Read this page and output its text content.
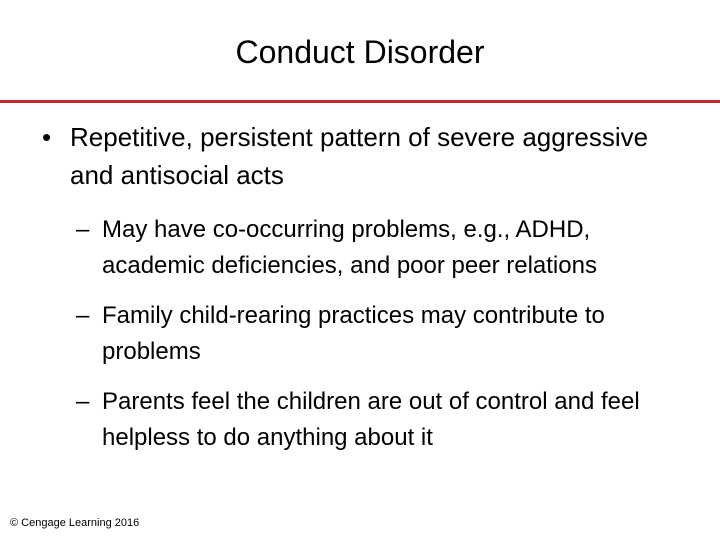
Conduct Disorder
• Repetitive, persistent pattern of severe aggressive and antisocial acts
– May have co-occurring problems, e.g., ADHD, academic deficiencies, and poor peer relations
– Family child-rearing practices may contribute to problems
– Parents feel the children are out of control and feel helpless to do anything about it
© Cengage Learning 2016
